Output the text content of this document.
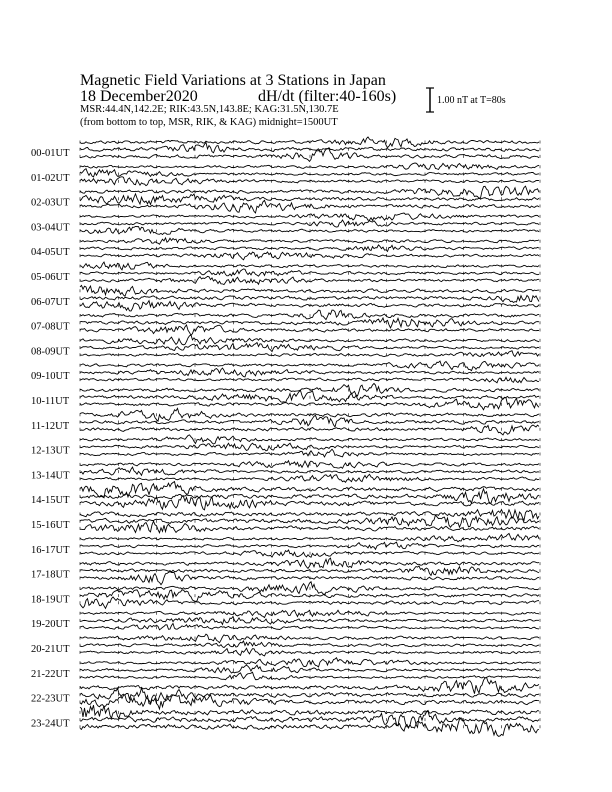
Magnetic Field Variations at 3 Stations in Japan
18 December2020	dH/dt (filter:40-160s)
MSR:44.4N,142.2E; RIK:43.5N,143.8E; KAG:31.5N,130.7E
(from bottom to top, MSR, RIK, & KAG) midnight=1500UT
1.00 nT at T=80s
00-01UT
01-02UT
02-03UT
03-04UT
04-05UT
05-06UT
06-07UT
07-08UT
08-09UT
09-10UT
10-11UT
11-12UT
12-13UT
13-14UT
14-15UT
15-16UT
16-17UT
17-18UT
18-19UT
19-20UT
20-21UT
21-22UT
22-23UT
23-24UT
